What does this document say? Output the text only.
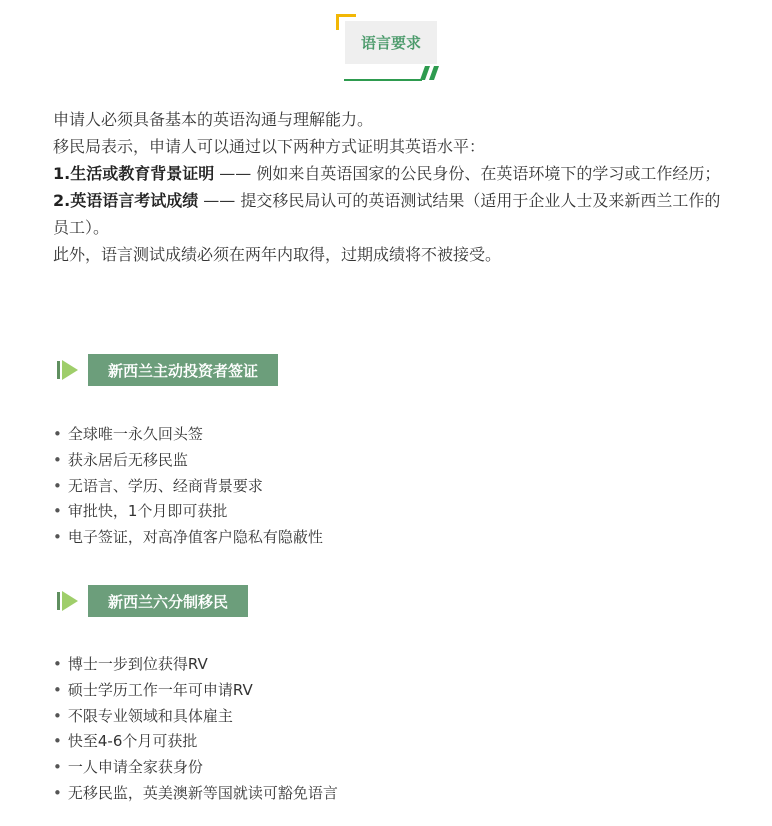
语言要求

申请人必须具备基本的英语沟通与理解能力。

移民局表示，申请人可以通过以下两种方式证明其英语水平：

1.生活或教育背景证明 —— 例如来自英语国家的公民身份、在英语环境下的学习或工作经历；

2.英语语言考试成绩 —— 提交移民局认可的英语测试结果（适用于企业人士及来新西兰工作的员工）。

此外，语言测试成绩必须在两年内取得，过期成绩将不被接受。

新西兰主动投资者签证
• 全球唯一永久回头签
• 获永居后无移民监
• 无语言、学历、经商背景要求
• 审批快，1个月即可获批
• 电子签证，对高净值客户隐私有隐蔽性
新西兰六分制移民
• 博士一步到位获得RV
• 硕士学历工作一年可申请RV
• 不限专业领域和具体雇主
• 快至4-6个月可获批
• 一人申请全家获身份
• 无移民监，英美澳新等国就读可豁免语言
